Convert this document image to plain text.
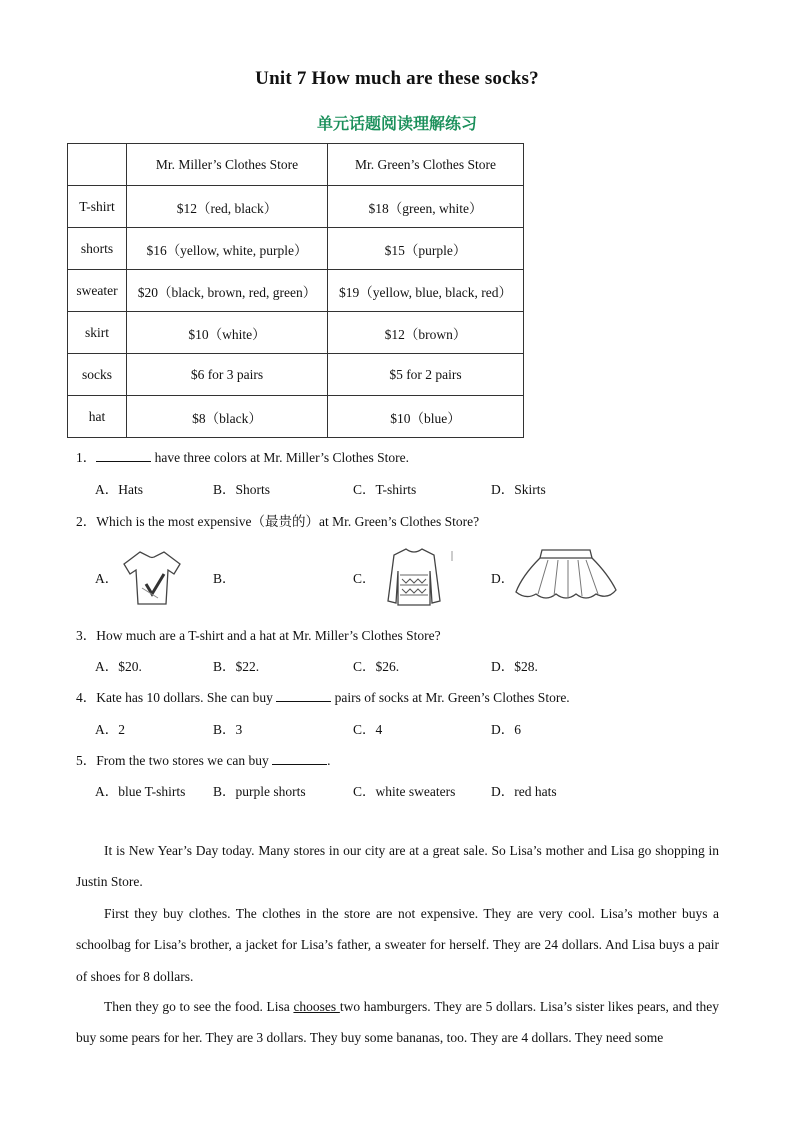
Unit 7 How much are these socks?
单元话题阅读理解练习
	Mr. Miller’s Clothes Store	Mr. Green’s Clothes Store
T-shirt	$12（red, black）	$18（green, white）
shorts	$16（yellow, white, purple）	$15（purple）
sweater	$20（black, brown, red, green）	$19（yellow, blue, black, red）
skirt	$10（white）	$12（brown）
socks	$6 for 3 pairs	$5 for 2 pairs
hat	$8（black）	$10（blue）
1．	have three colors at Mr. Miller’s Clothes Store.
A．Hats	B．Shorts	C．T-shirts	D．Skirts
2．Which is the most expensive（最贵的）at Mr. Green’s Clothes Store?
A．	B．	C．	D．
3．How much are a T-shirt and a hat at Mr. Miller’s Clothes Store?
A．$20.	B．$22.	C．$26.	D．$28.
4．Kate has 10 dollars. She can buy	pairs of socks at Mr. Green’s Clothes Store.
A．2	B．3	C．4	D．6
5．From the two stores we can buy	.
A．blue T-shirts B．purple shorts	C．white sweaters	D．red hats
It is New Year’s Day today. Many stores in our city are at a great sale. So Lisa’s mother and Lisa go shopping in Justin Store.
First they buy clothes. The clothes in the store are not expensive. They are very cool. Lisa’s mother buys a schoolbag for Lisa’s brother, a jacket for Lisa’s father, a sweater for herself. They are 24 dollars. And Lisa buys a pair of shoes for 8 dollars.
Then they go to see the food. Lisa chooses two hamburgers. They are 5 dollars. Lisa’s sister likes pears, and they buy some pears for her. They are 3 dollars. They buy some bananas, too. They are 4 dollars. They need some
